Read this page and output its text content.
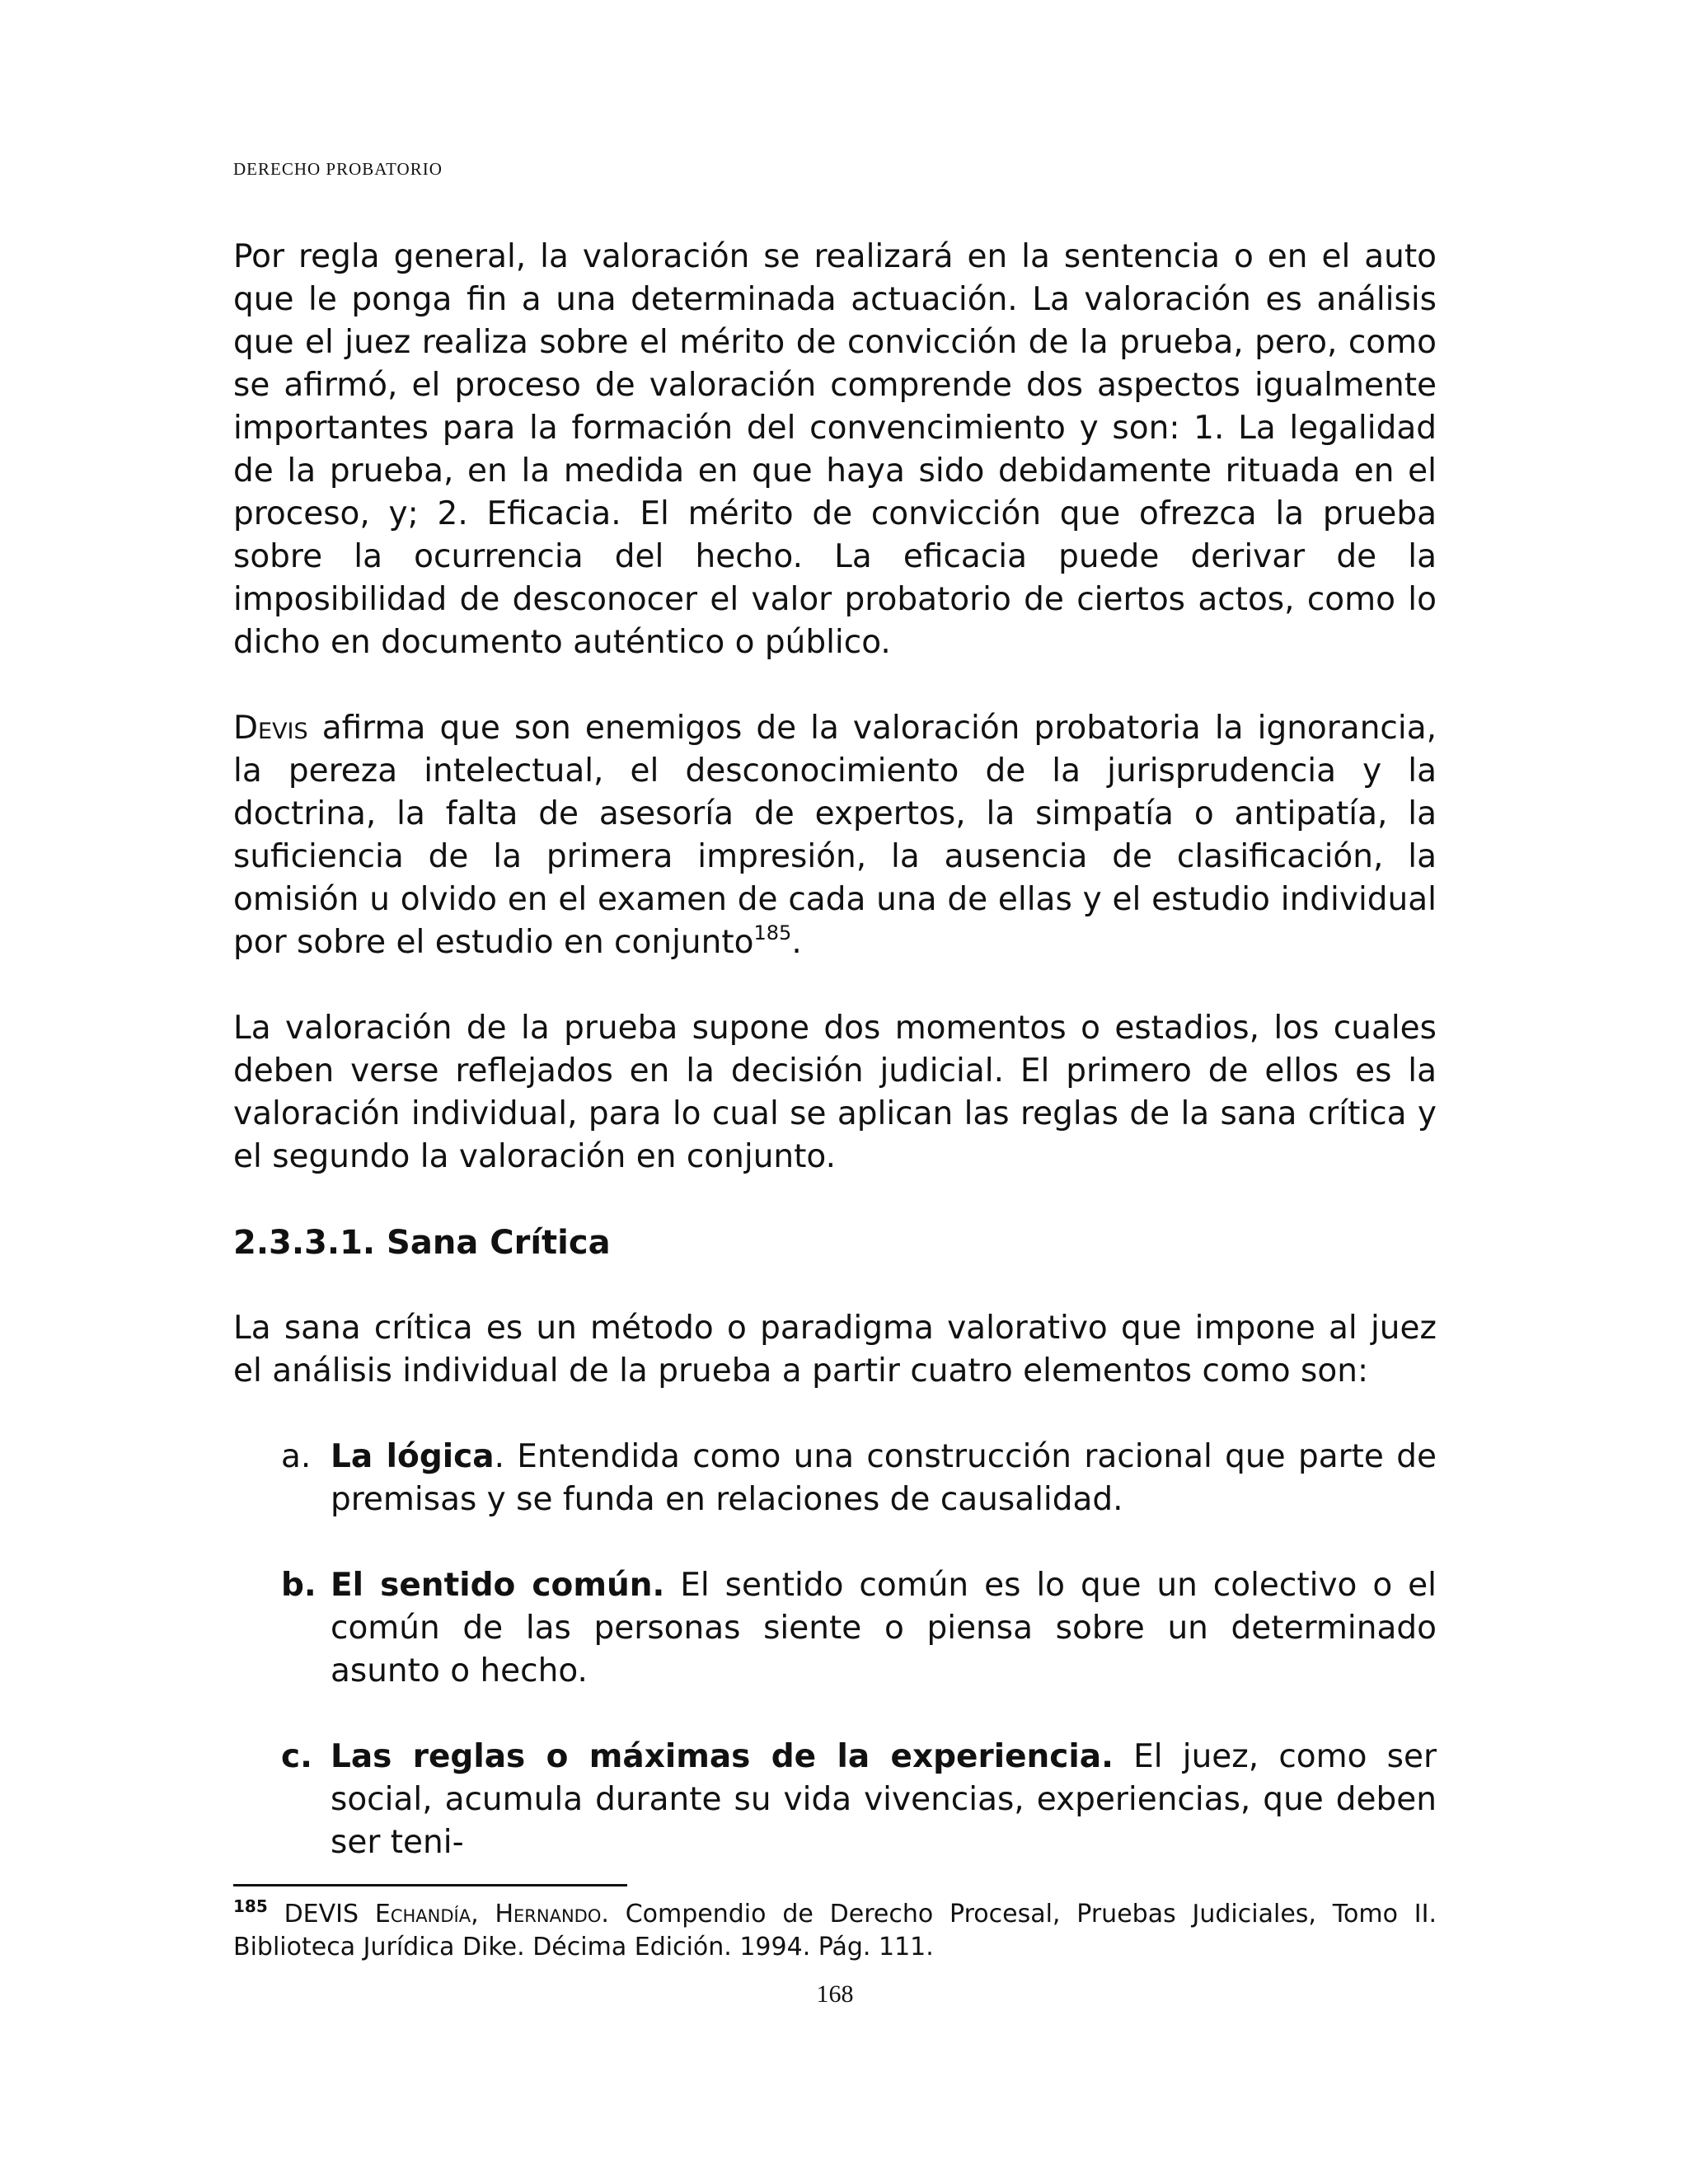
DERECHO PROBATORIO

Por regla general, la valoración se realizará en la sentencia o en el auto que le ponga fin a una determinada actuación. La valoración es análisis que el juez realiza sobre el mérito de convicción de la prueba, pero, como se afirmó, el proceso de valoración comprende dos aspectos igualmente importantes para la formación del convencimiento y son: 1. La legalidad de la prueba, en la medida en que haya sido debidamente rituada en el proceso, y; 2. Eficacia. El mérito de convicción que ofrezca la prueba sobre la ocurrencia del hecho. La eficacia puede derivar de la imposibilidad de desconocer el valor probatorio de ciertos actos, como lo dicho en documento auténtico o público.

Devis afirma que son enemigos de la valoración probatoria la ignorancia, la pereza intelectual, el desconocimiento de la jurisprudencia y la doctrina, la falta de asesoría de expertos, la simpatía o antipatía, la suficiencia de la primera impresión, la ausencia de clasificación, la omisión u olvido en el examen de cada una de ellas y el estudio individual por sobre el estudio en conjunto$^{185}$.

La valoración de la prueba supone dos momentos o estadios, los cuales deben verse reflejados en la decisión judicial. El primero de ellos es la valoración individual, para lo cual se aplican las reglas de la sana crítica y el segundo la valoración en conjunto.

2.3.3.1. Sana Crítica

La sana crítica es un método o paradigma valorativo que impone al juez el análisis individual de la prueba a partir cuatro elementos como son:

a. La lógica. Entendida como una construcción racional que parte de premisas y se funda en relaciones de causalidad.
b. El sentido común. El sentido común es lo que un colectivo o el común de las personas siente o piensa sobre un determinado asunto o hecho.
c. Las reglas o máximas de la experiencia. El juez, como ser social, acumula durante su vida vivencias, experiencias, que deben ser teni-
$^{185}$ DEVIS Echandía, Hernando. Compendio de Derecho Procesal, Pruebas Judiciales, Tomo II. Biblioteca Jurídica Dike. Décima Edición. 1994. Pág. 111.
168
